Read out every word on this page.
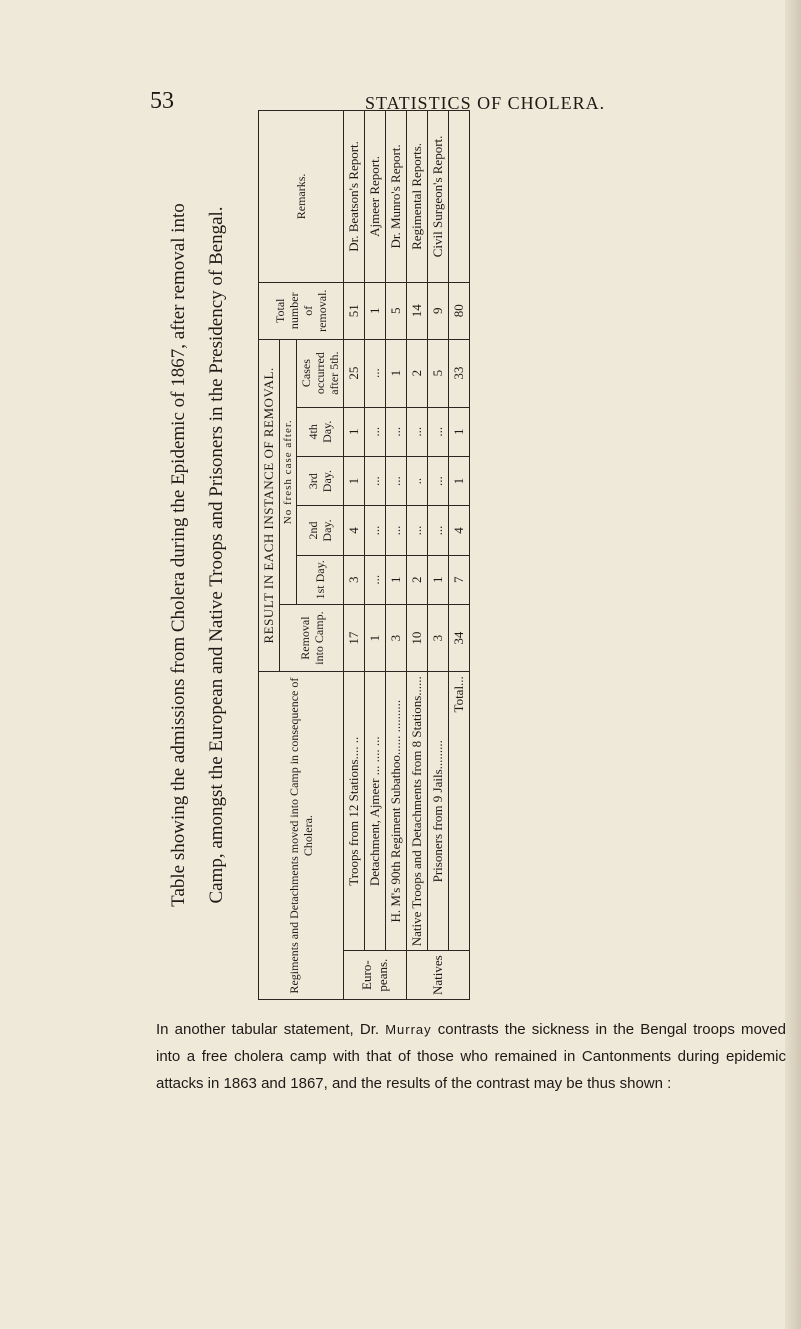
53	STATISTICS OF CHOLERA.
Table showing the admissions from Cholera during the Epidemic of 1867, after removal into Camp, amongst the European and Native Troops and Prisoners in the Presidency of Bengal.	Regiments and Detachments moved into Camp in consequence of Cholera.		RESULT IN EACH INSTANCE OF REMOVAL.						Total number of removal.	Remarks.
		Removal into Camp.	No fresh case after.						
			1st Day.	2nd Day.	3rd Day.	4th Day.	Cases occurred after 5th.		
Euro-peans.	Troops from 12 Stations.... ..	17	3	4	1	1	25	51	Dr. Beatson's Report.
	Detachment, Ajmeer ... .... ...	1	...	...	...	...	...	1	Ajmeer Report.
	H. M's 90th Regiment Subathoo...... ..........	3	1	...	...	...	1	5	Dr. Munro's Report.
Natives	Native Troops and Detachments from 8 Stations......	10	2	...	..	...	2	14	Regimental Reports.
	Prisoners from 9 Jails.........	3	1	...	...	...	5	9	Civil Surgeon's Report.
	Total...	34	7	4	1	1	33	80	
In another tabular statement, Dr. Murray contrasts the sickness in the Bengal troops moved into a free cholera camp with that of those who remained in Cantonments during epidemic attacks in 1863 and 1867, and the results of the contrast may be thus shown :
